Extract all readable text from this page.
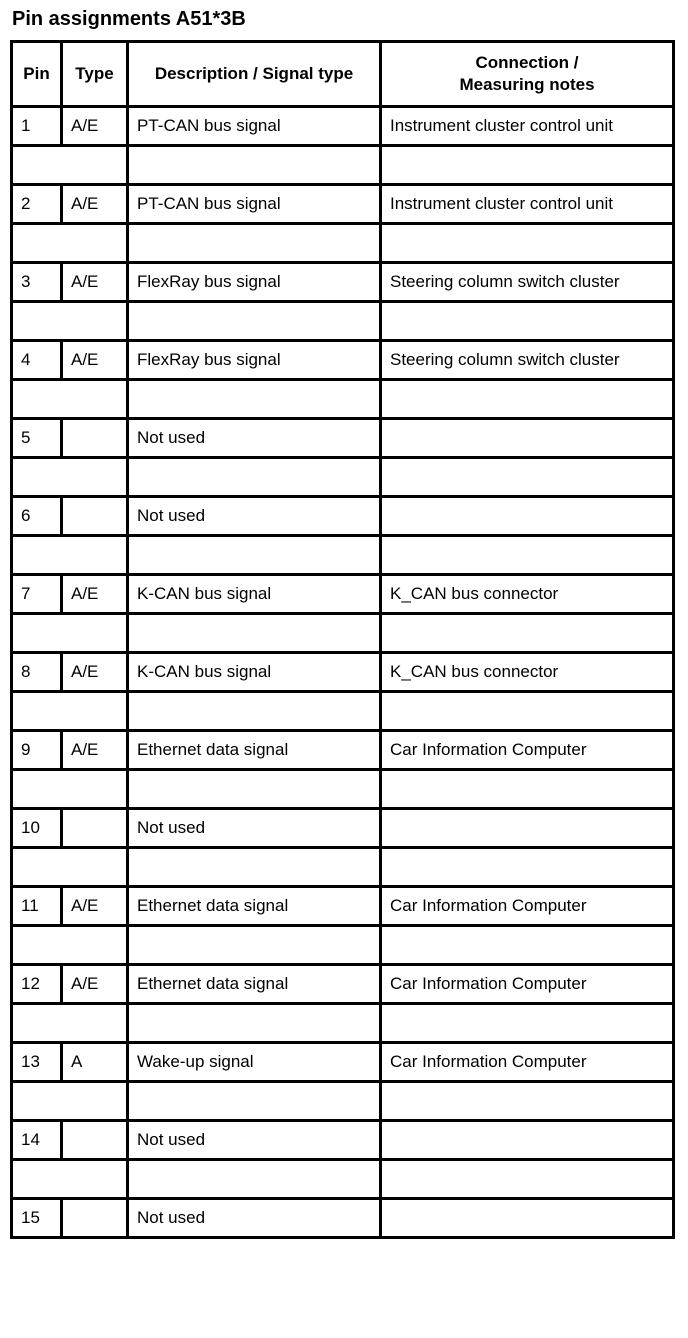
Pin assignments A51*3B
Pin	Type	Description / Signal type	Connection /
Measuring notes

1	A/E	PT-CAN bus signal	Instrument cluster control unit

2	A/E	PT-CAN bus signal	Instrument cluster control unit

3	A/E	FlexRay bus signal	Steering column switch cluster

4	A/E	FlexRay bus signal	Steering column switch cluster

5		Not used	

6		Not used	

7	A/E	K-CAN bus signal	K_CAN bus connector

8	A/E	K-CAN bus signal	K_CAN bus connector

9	A/E	Ethernet data signal	Car Information Computer

10		Not used	

11	A/E	Ethernet data signal	Car Information Computer

12	A/E	Ethernet data signal	Car Information Computer

13	A	Wake-up signal	Car Information Computer

14		Not used	

15		Not used	
